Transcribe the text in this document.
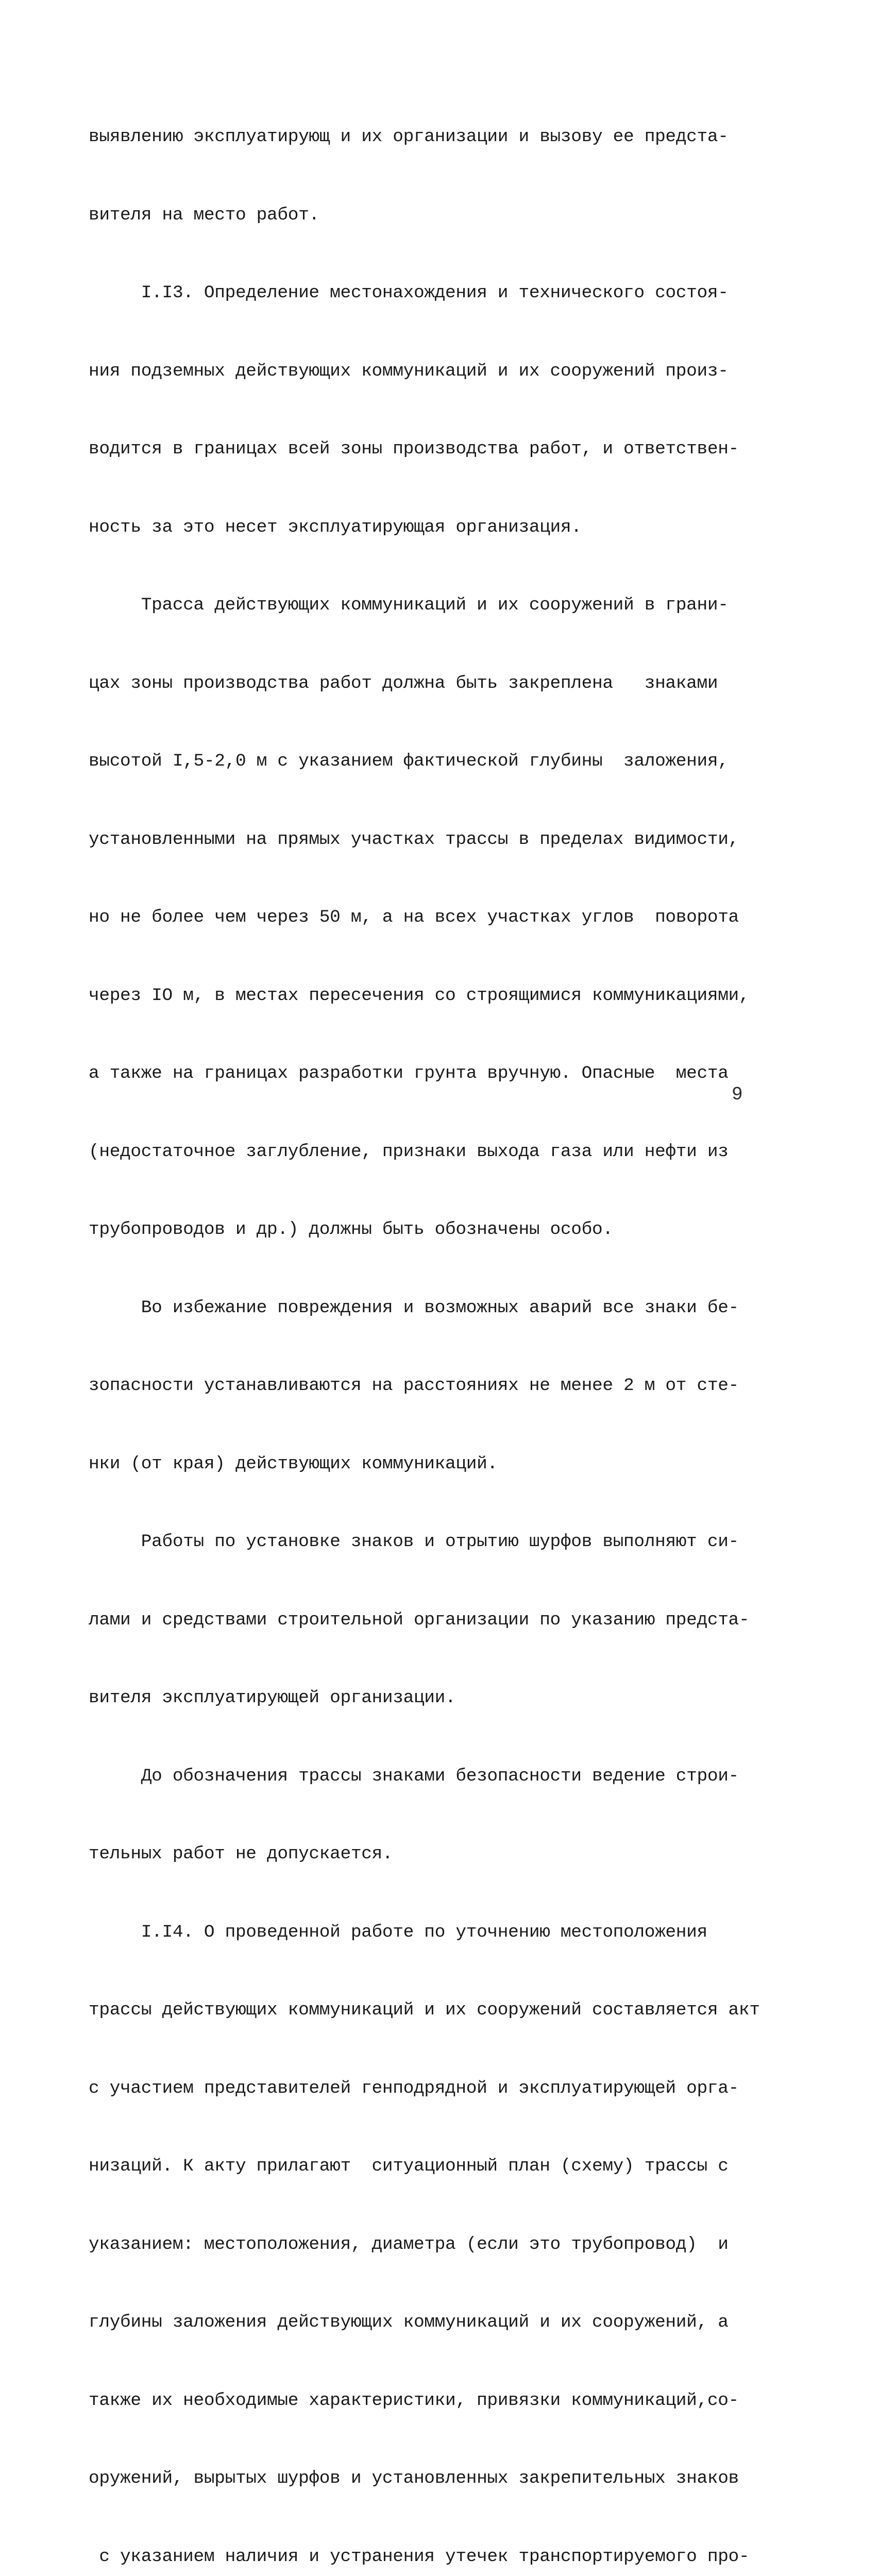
выявлению эксплуатирующ и их организации и вызову ее предста-

вителя на место работ.

I.I3. Определение местонахождения и технического состоя-

ния подземных действующих коммуникаций и их сооружений произ-

водится в границах всей зоны производства работ, и ответствен-

ность за это несет эксплуатирующая организация.

Трасса действующих коммуникаций и их сооружений в грани-

цах зоны производства работ должна быть закреплена   знаками

высотой I,5-2,0 м с указанием фактической глубины  заложения,

установленными на прямых участках трассы в пределах видимости,

но не более чем через 50 м, а на всех участках углов  поворота

через IO м, в местах пересечения со строящимися коммуникациями,

а также на границах разработки грунта вручную. Опасные  места

(недостаточное заглубление, признаки выхода газа или нефти из

трубопроводов и др.) должны быть обозначены особо.

Во избежание повреждения и возможных аварий все знаки бе-

зопасности устанавливаются на расстояниях не менее 2 м от сте-

нки (от края) действующих коммуникаций.

Работы по установке знаков и отрытию шурфов выполняют си-

лами и средствами строительной организации по указанию предста-

вителя эксплуатирующей организации.

До обозначения трассы знаками безопасности ведение строи-

тельных работ не допускается.

I.I4. О проведенной работе по уточнению местоположения

трассы действующих коммуникаций и их сооружений составляется акт

с участием представителей генподрядной и эксплуатирующей орга-

низаций. К акту прилагают  ситуационный план (схему) трассы с

указанием: местоположения, диаметра (если это трубопровод)  и

глубины заложения действующих коммуникаций и их сооружений, а

также их необходимые характеристики, привязки коммуникаций,со-

оружений, вырытых шурфов и установленных закрепительных знаков

с указанием наличия и устранения утечек транспортируемого про-

9
